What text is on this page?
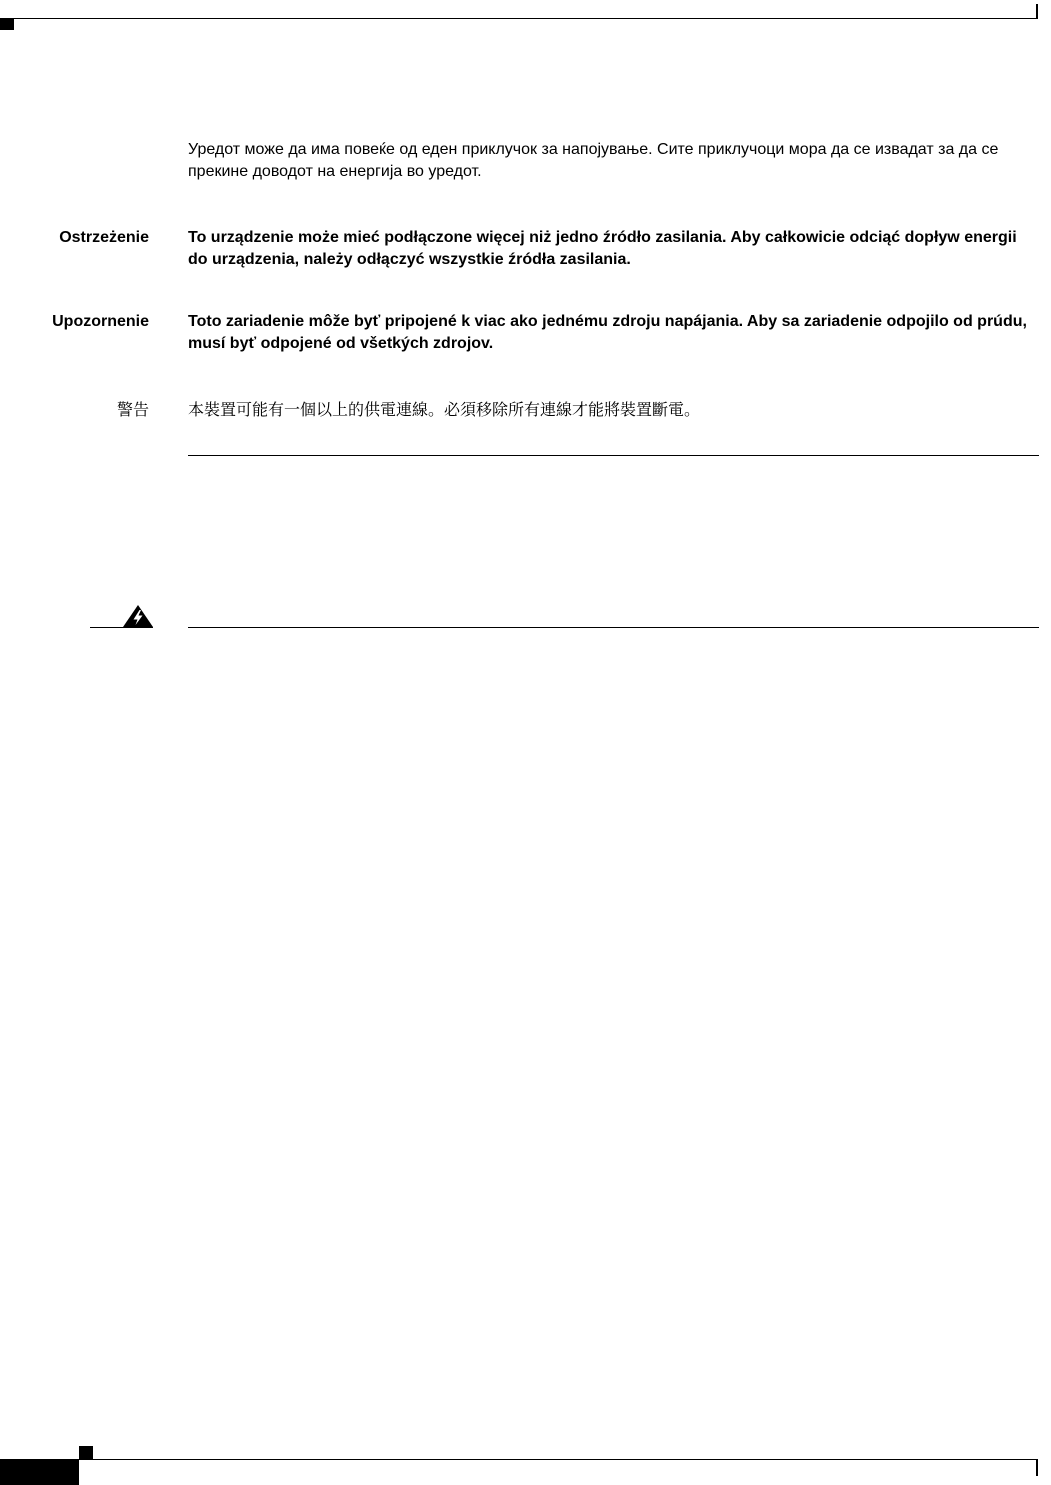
Уредот може да има повеќе од еден приклучок за напојување. Сите приклучоци мора да се извадат за да се прекине доводот на енергија во уредот.
Ostrzeżenie To urządzenie może mieć podłączone więcej niż jedno źródło zasilania. Aby całkowicie odciąć dopływ energii do urządzenia, należy odłączyć wszystkie źródła zasilania.
Upozornenie Toto zariadenie môže byť pripojené k viac ako jednému zdroju napájania. Aby sa zariadenie odpojilo od prúdu, musí byť odpojené od všetkých zdrojov.
警告 本裝置可能有一個以上的供電連線。必須移除所有連線才能將裝置斷電。
